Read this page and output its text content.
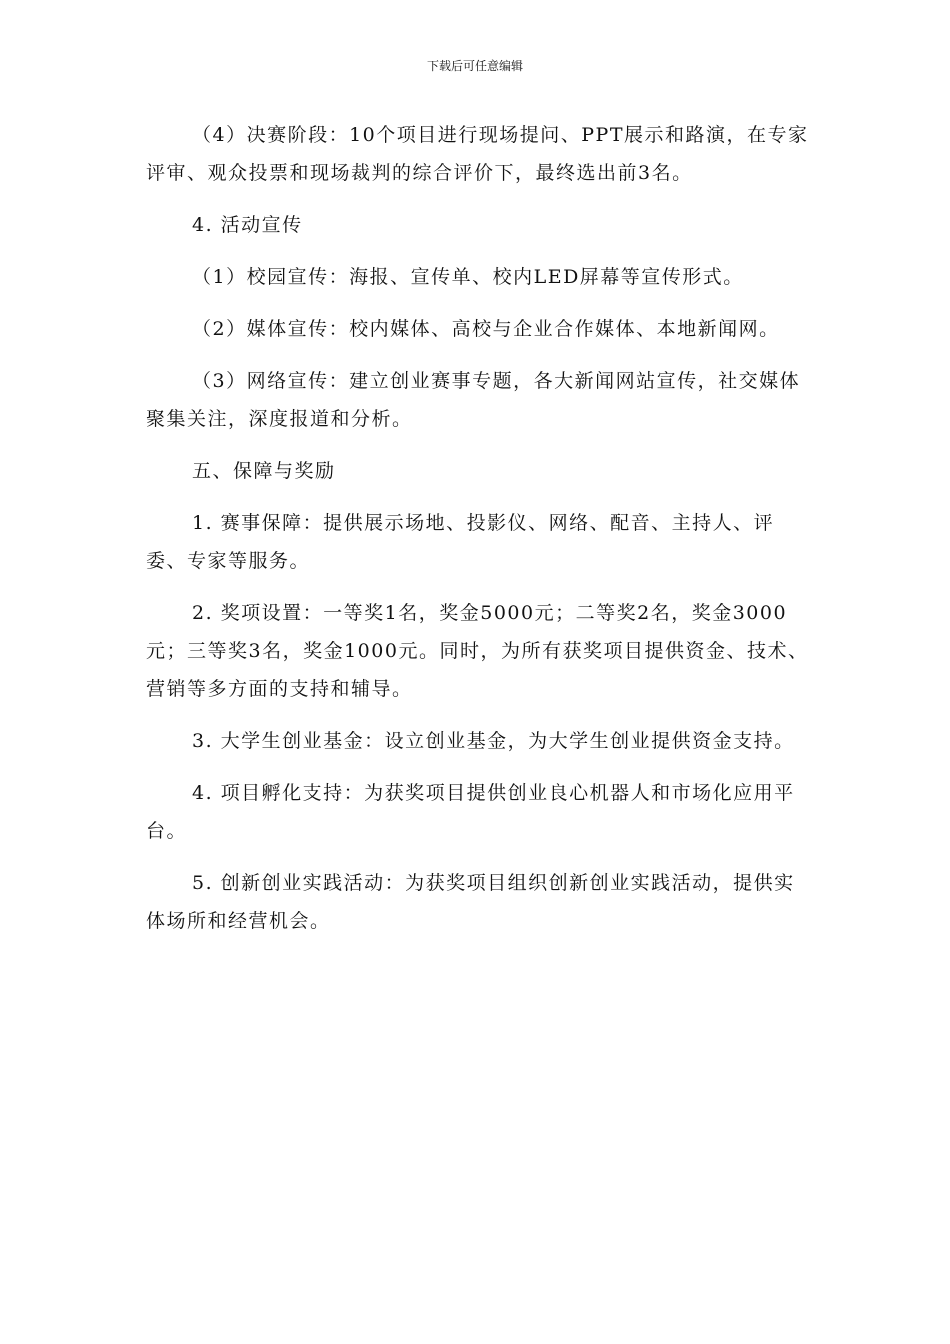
下载后可任意编辑

（4）决赛阶段：10个项目进行现场提问、PPT展示和路演，在专家评审、观众投票和现场裁判的综合评价下，最终选出前3名。

4. 活动宣传

（1）校园宣传：海报、宣传单、校内LED屏幕等宣传形式。

（2）媒体宣传：校内媒体、高校与企业合作媒体、本地新闻网。

（3）网络宣传：建立创业赛事专题，各大新闻网站宣传，社交媒体聚集关注，深度报道和分析。

五、保障与奖励

1. 赛事保障：提供展示场地、投影仪、网络、配音、主持人、评委、专家等服务。

2. 奖项设置：一等奖1名，奖金5000元；二等奖2名，奖金3000元；三等奖3名，奖金1000元。同时，为所有获奖项目提供资金、技术、营销等多方面的支持和辅导。

3. 大学生创业基金：设立创业基金，为大学生创业提供资金支持。

4. 项目孵化支持：为获奖项目提供创业良心机器人和市场化应用平台。

5. 创新创业实践活动：为获奖项目组织创新创业实践活动，提供实体场所和经营机会。
